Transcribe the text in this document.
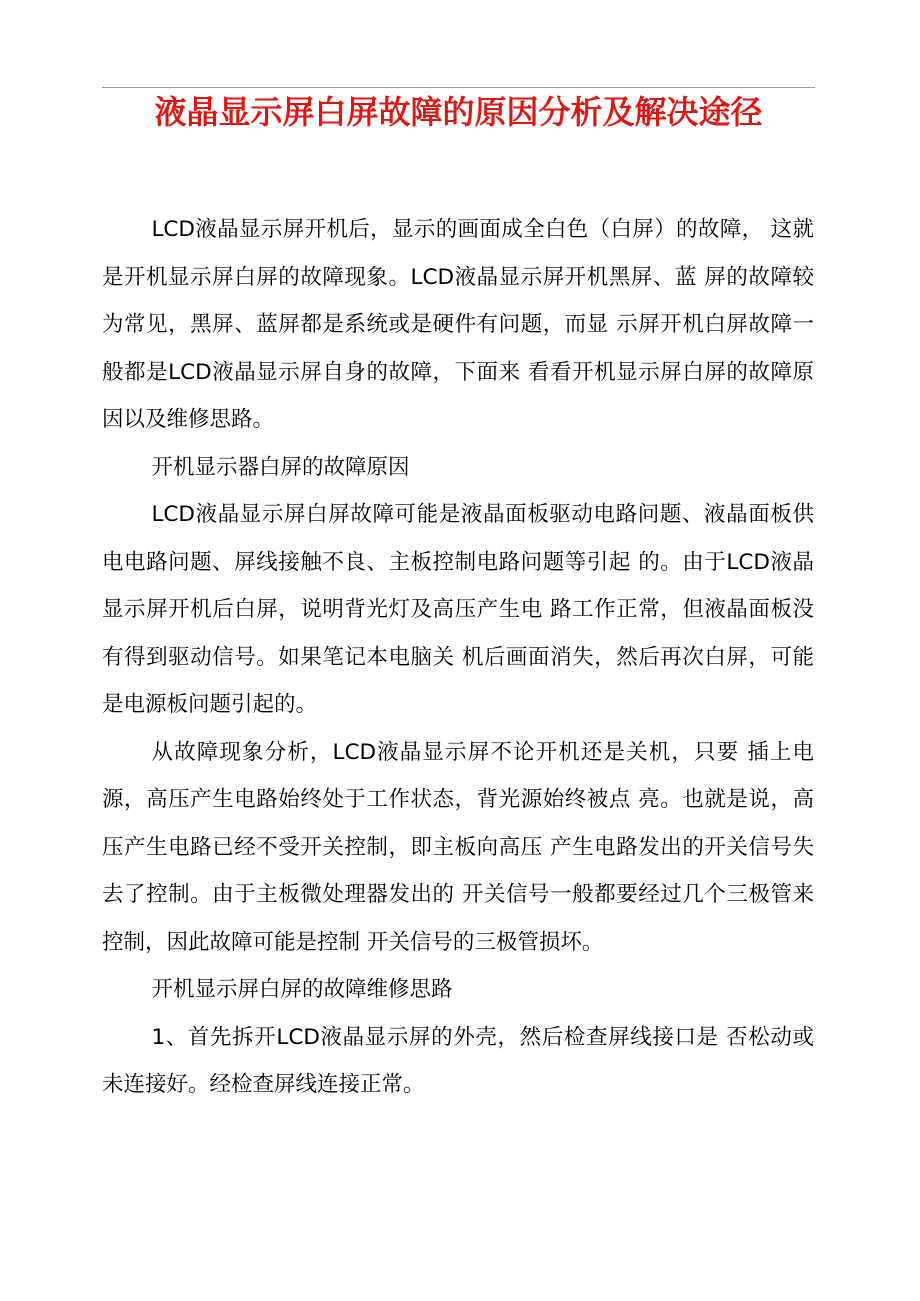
液晶显示屏白屏故障的原因分析及解决途径

LCD液晶显示屏开机后，显示的画面成全白色（白屏）的故障， 这就是开机显示屏白屏的故障现象。LCD液晶显示屏开机黑屏、蓝 屏的故障较为常见，黑屏、蓝屏都是系统或是硬件有问题，而显 示屏开机白屏故障一般都是LCD液晶显示屏自身的故障，下面来 看看开机显示屏白屏的故障原因以及维修思路。

开机显示器白屏的故障原因

LCD液晶显示屏白屏故障可能是液晶面板驱动电路问题、液晶面板供电电路问题、屏线接触不良、主板控制电路问题等引起 的。由于LCD液晶显示屏开机后白屏，说明背光灯及高压产生电 路工作正常，但液晶面板没有得到驱动信号。如果笔记本电脑关 机后画面消失，然后再次白屏，可能是电源板问题引起的。

从故障现象分析，LCD液晶显示屏不论开机还是关机，只要 插上电源，高压产生电路始终处于工作状态，背光源始终被点 亮。也就是说，高压产生电路已经不受开关控制，即主板向高压 产生电路发出的开关信号失去了控制。由于主板微处理器发出的 开关信号一般都要经过几个三极管来控制，因此故障可能是控制 开关信号的三极管损坏。

开机显示屏白屏的故障维修思路

1、首先拆开LCD液晶显示屏的外壳，然后检查屏线接口是 否松动或未连接好。经检查屏线连接正常。
